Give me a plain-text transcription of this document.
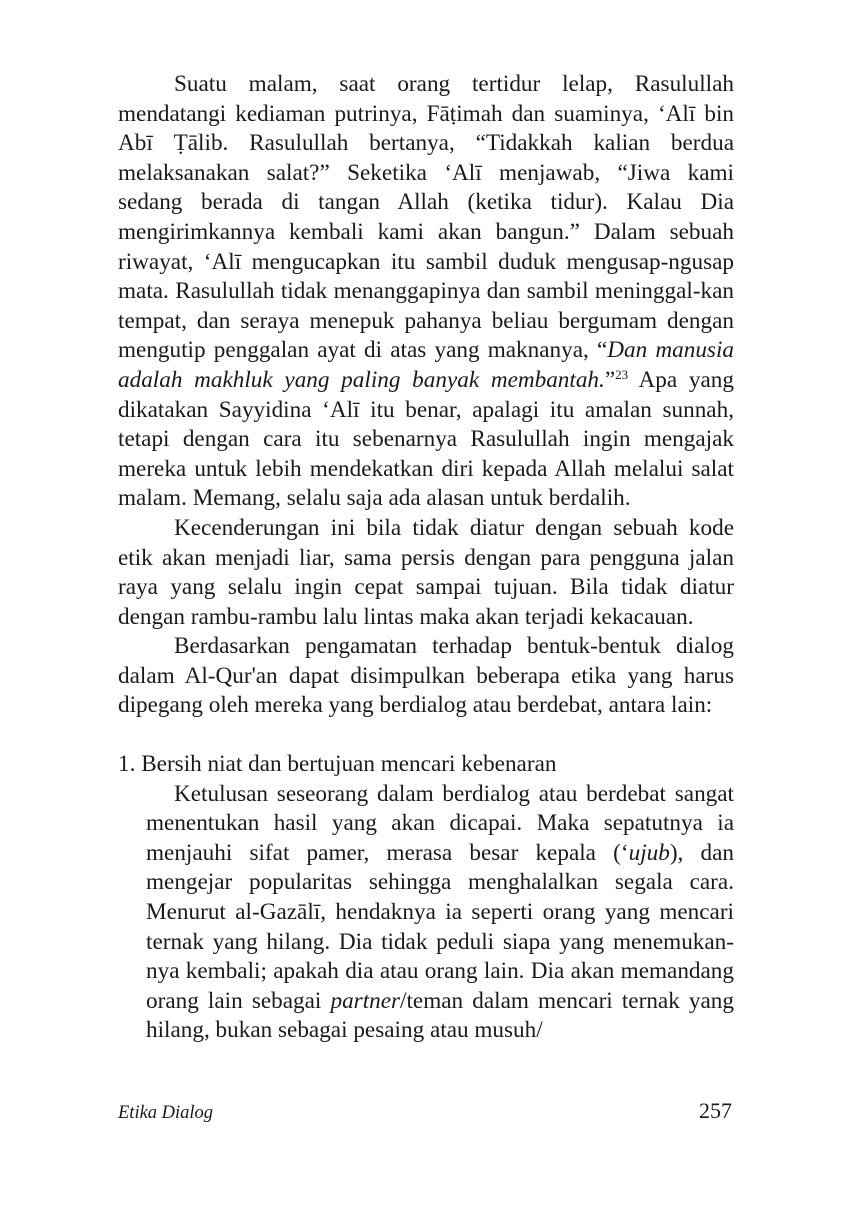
Suatu malam, saat orang tertidur lelap, Rasulullah mendatangi kediaman putrinya, Fāṭimah dan suaminya, ‘Alī bin Abī Ṭālib. Rasulullah bertanya, “Tidakkah kalian berdua melaksanakan salat?” Seketika ‘Alī menjawab, “Jiwa kami sedang berada di tangan Allah (ketika tidur). Kalau Dia mengirimkannya kembali kami akan bangun.” Dalam sebuah riwayat, ‘Alī mengucapkan itu sambil duduk mengusap-ngusap mata. Rasulullah tidak menanggapinya dan sambil meninggal-kan tempat, dan seraya menepuk pahanya beliau bergumam dengan mengutip penggalan ayat di atas yang maknanya, “Dan manusia adalah makhluk yang paling banyak membantah.”$^{23}$ Apa yang dikatakan Sayyidina ‘Alī itu benar, apalagi itu amalan sunnah, tetapi dengan cara itu sebenarnya Rasulullah ingin mengajak mereka untuk lebih mendekatkan diri kepada Allah melalui salat malam. Memang, selalu saja ada alasan untuk berdalih.

Kecenderungan ini bila tidak diatur dengan sebuah kode etik akan menjadi liar, sama persis dengan para pengguna jalan raya yang selalu ingin cepat sampai tujuan. Bila tidak diatur dengan rambu-rambu lalu lintas maka akan terjadi kekacauan.

Berdasarkan pengamatan terhadap bentuk-bentuk dialog dalam Al-Qur'an dapat disimpulkan beberapa etika yang harus dipegang oleh mereka yang berdialog atau berdebat, antara lain:

1. Bersih niat dan bertujuan mencari kebenaran

Ketulusan seseorang dalam berdialog atau berdebat sangat menentukan hasil yang akan dicapai. Maka sepatutnya ia menjauhi sifat pamer, merasa besar kepala (‘ujub), dan mengejar popularitas sehingga menghalalkan segala cara. Menurut al-Gazālī, hendaknya ia seperti orang yang mencari ternak yang hilang. Dia tidak peduli siapa yang menemukan-nya kembali; apakah dia atau orang lain. Dia akan memandang orang lain sebagai partner/teman dalam mencari ternak yang hilang, bukan sebagai pesaing atau musuh/

Etika Dialog	257
